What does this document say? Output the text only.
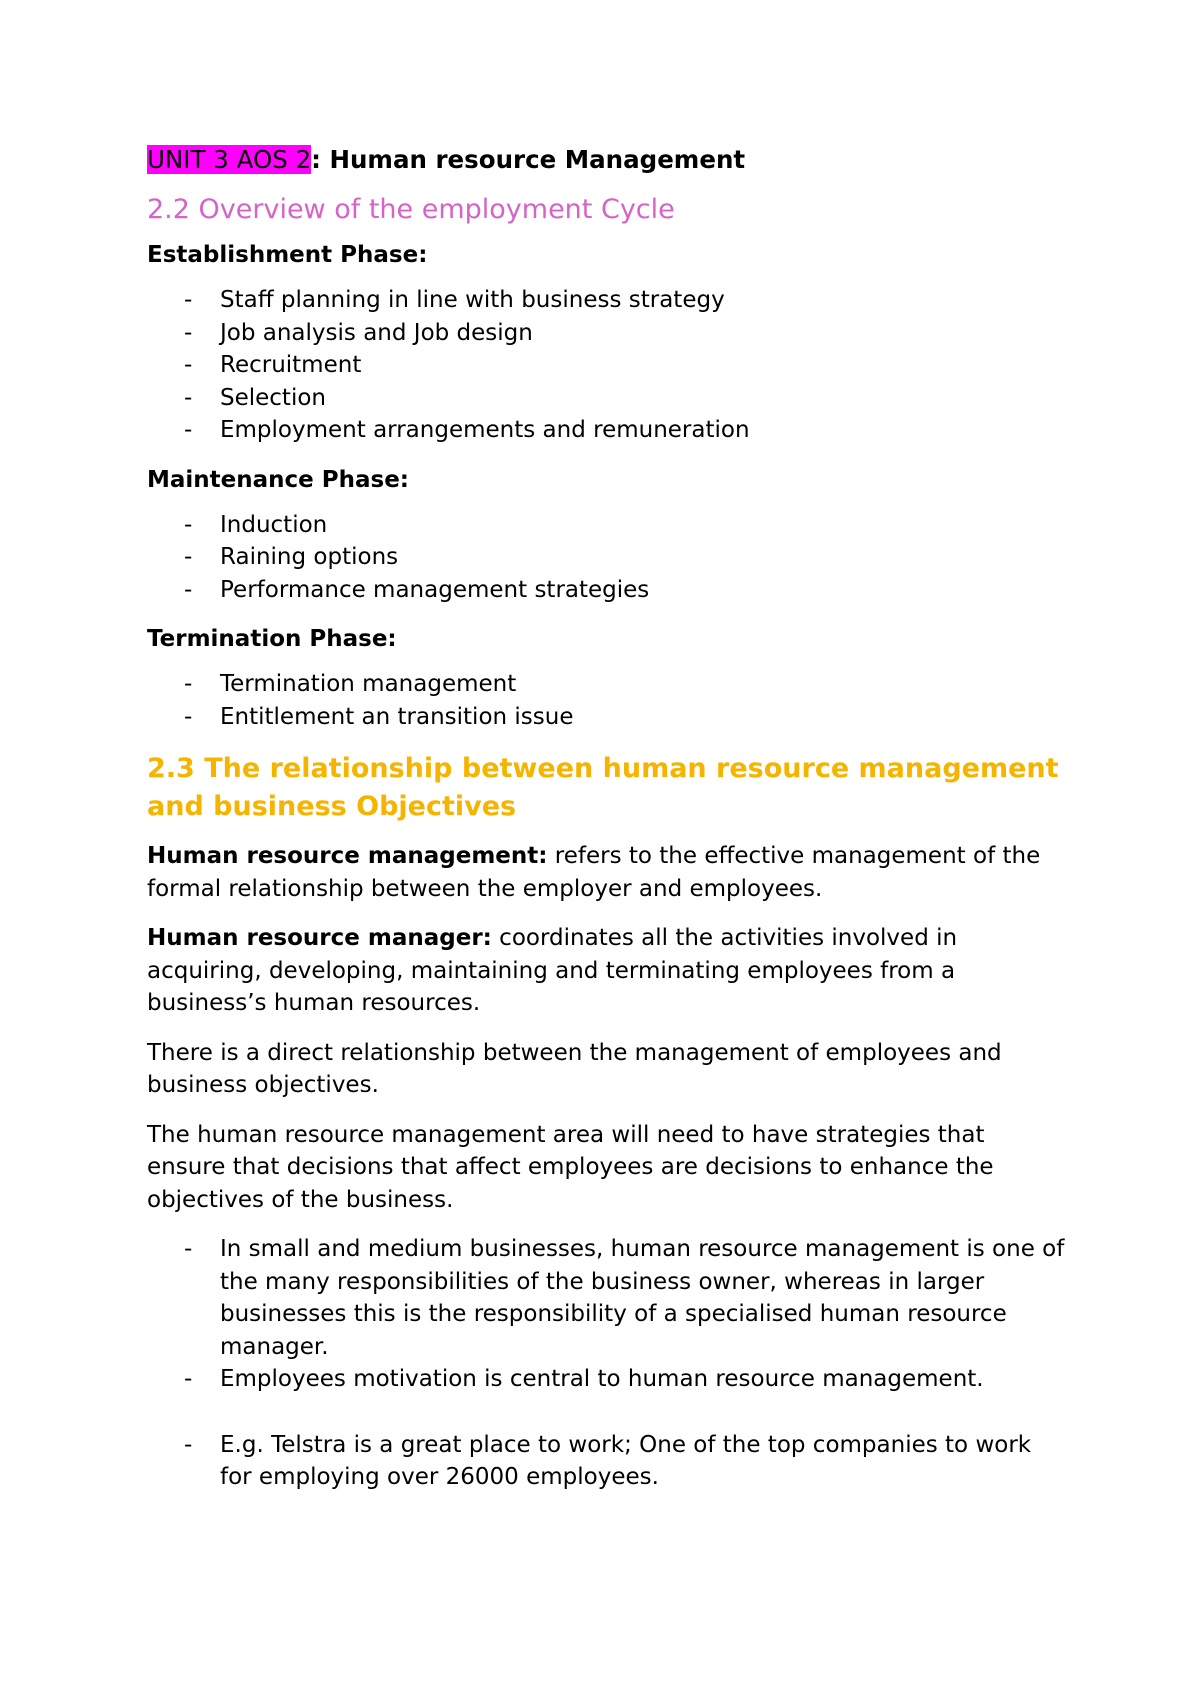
UNIT 3 AOS 2: Human resource Management

2.2 Overview of the employment Cycle

Establishment Phase:

- Staff planning in line with business strategy
- Job analysis and Job design
- Recruitment
- Selection
- Employment arrangements and remuneration

Maintenance Phase:

- Induction
- Raining options
- Performance management strategies

Termination Phase:

- Termination management
- Entitlement an transition issue

2.3 The relationship between human resource management and business Objectives

Human resource management: refers to the effective management of the formal relationship between the employer and employees.

Human resource manager: coordinates all the activities involved in acquiring, developing, maintaining and terminating employees from a business’s human resources.

There is a direct relationship between the management of employees and business objectives.

The human resource management area will need to have strategies that ensure that decisions that affect employees are decisions to enhance the objectives of the business.

- In small and medium businesses, human resource management is one of the many responsibilities of the business owner, whereas in larger businesses this is the responsibility of a specialised human resource manager.
- Employees motivation is central to human resource management.
- E.g. Telstra is a great place to work; One of the top companies to work for employing over 26000 employees.
